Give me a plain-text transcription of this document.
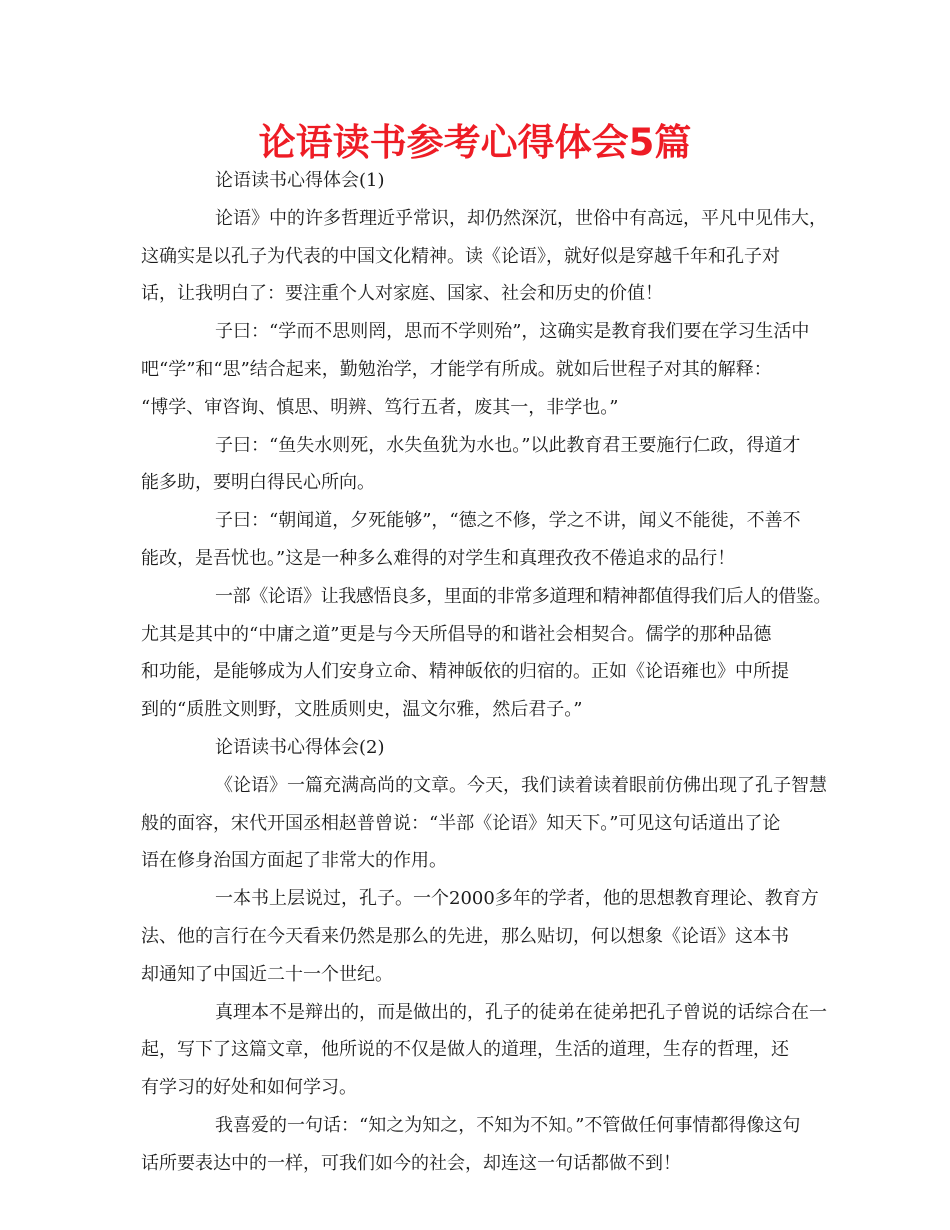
论语读书参考心得体会5篇
论语读书心得体会(1)
论语》中的许多哲理近乎常识，却仍然深沉，世俗中有高远，平凡中见伟大，
这确实是以孔子为代表的中国文化精神。读《论语》，就好似是穿越千年和孔子对
话，让我明白了：要注重个人对家庭、国家、社会和历史的价值！
子曰：“学而不思则罔，思而不学则殆”，这确实是教育我们要在学习生活中
吧“学”和“思”结合起来，勤勉治学，才能学有所成。就如后世程子对其的解释：
“博学、审咨询、慎思、明辨、笃行五者，废其一，非学也。”
子曰：“鱼失水则死，水失鱼犹为水也。”以此教育君王要施行仁政，得道才
能多助，要明白得民心所向。
子曰：“朝闻道，夕死能够”，“德之不修，学之不讲，闻义不能徙，不善不
能改，是吾忧也。”这是一种多么难得的对学生和真理孜孜不倦追求的品行！
一部《论语》让我感悟良多，里面的非常多道理和精神都值得我们后人的借鉴。
尤其是其中的“中庸之道”更是与今天所倡导的和谐社会相契合。儒学的那种品德
和功能，是能够成为人们安身立命、精神皈依的归宿的。正如《论语雍也》中所提
到的“质胜文则野，文胜质则史，温文尔雅，然后君子。”
论语读书心得体会(2)
《论语》一篇充满高尚的文章。今天，我们读着读着眼前仿佛出现了孔子智慧
般的面容，宋代开国丞相赵普曾说：“半部《论语》知天下。”可见这句话道出了论
语在修身治国方面起了非常大的作用。
一本书上层说过，孔子。一个2000多年的学者，他的思想教育理论、教育方
法、他的言行在今天看来仍然是那么的先进，那么贴切，何以想象《论语》这本书
却通知了中国近二十一个世纪。
真理本不是辩出的，而是做出的，孔子的徒弟在徒弟把孔子曾说的话综合在一
起，写下了这篇文章，他所说的不仅是做人的道理，生活的道理，生存的哲理，还
有学习的好处和如何学习。
我喜爱的一句话：“知之为知之，不知为不知。”不管做任何事情都得像这句
话所要表达中的一样，可我们如今的社会，却连这一句话都做不到！
